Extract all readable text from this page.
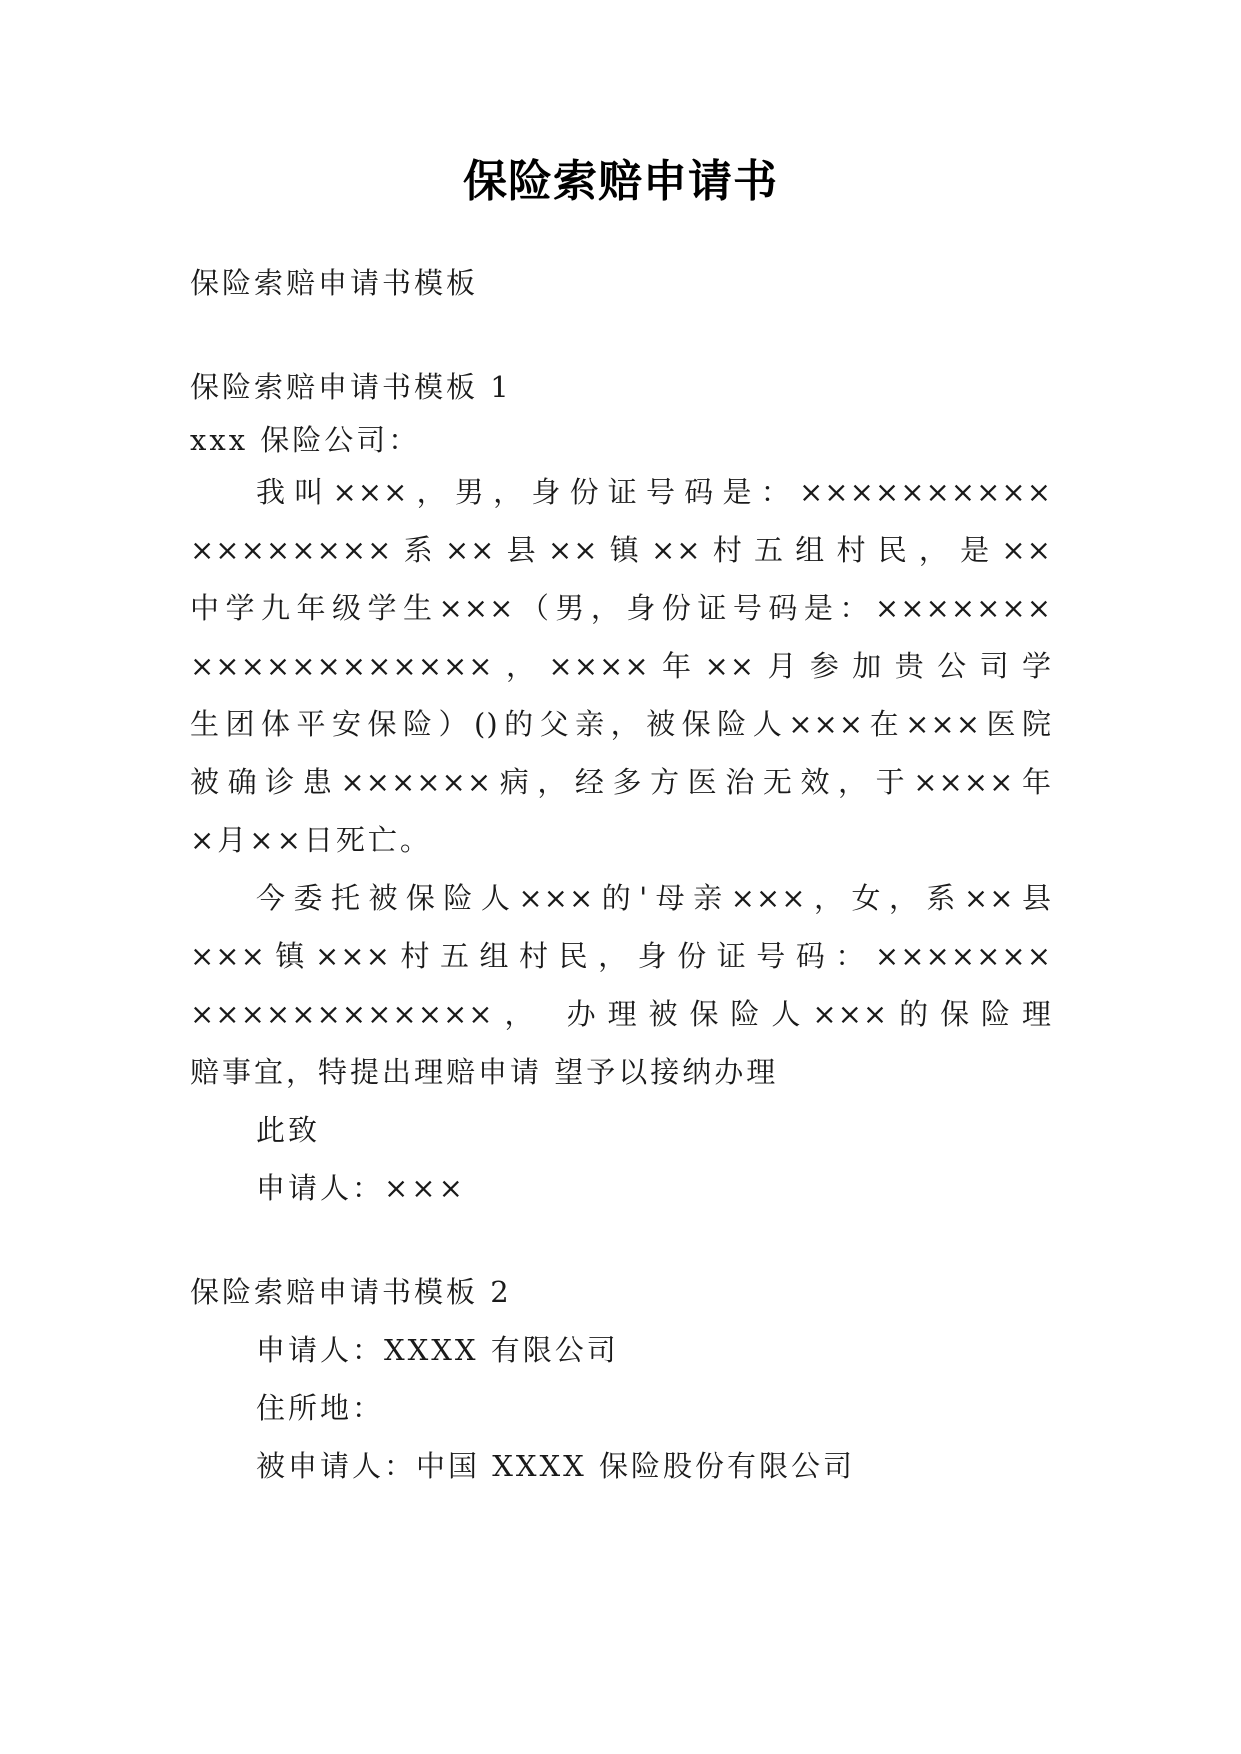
保险索赔申请书
保险索赔申请书模板
保险索赔申请书模板 1
xxx 保险公司：
我叫×××，男，身份证号码是：××××××××××
××××××××系××县××镇××村五组村民，是××
中学九年级学生×××（男，身份证号码是：×××××××
××××××××××××，××××年××月参加贵公司学
生团体平安保险）()的父亲，被保险人×××在×××医院
被确诊患××××××病，经多方医治无效，于××××年
×月××日死亡。
今委托被保险人×××的'母亲×××，女，系××县
×××镇×××村五组村民，身份证号码：×××××××
××××××××××××， 办理被保险人×××的保险理
赔事宜，特提出理赔申请 望予以接纳办理
此致
申请人：×××
保险索赔申请书模板 2
申请人：XXXX 有限公司
住所地：
被申请人：中国 XXXX 保险股份有限公司
